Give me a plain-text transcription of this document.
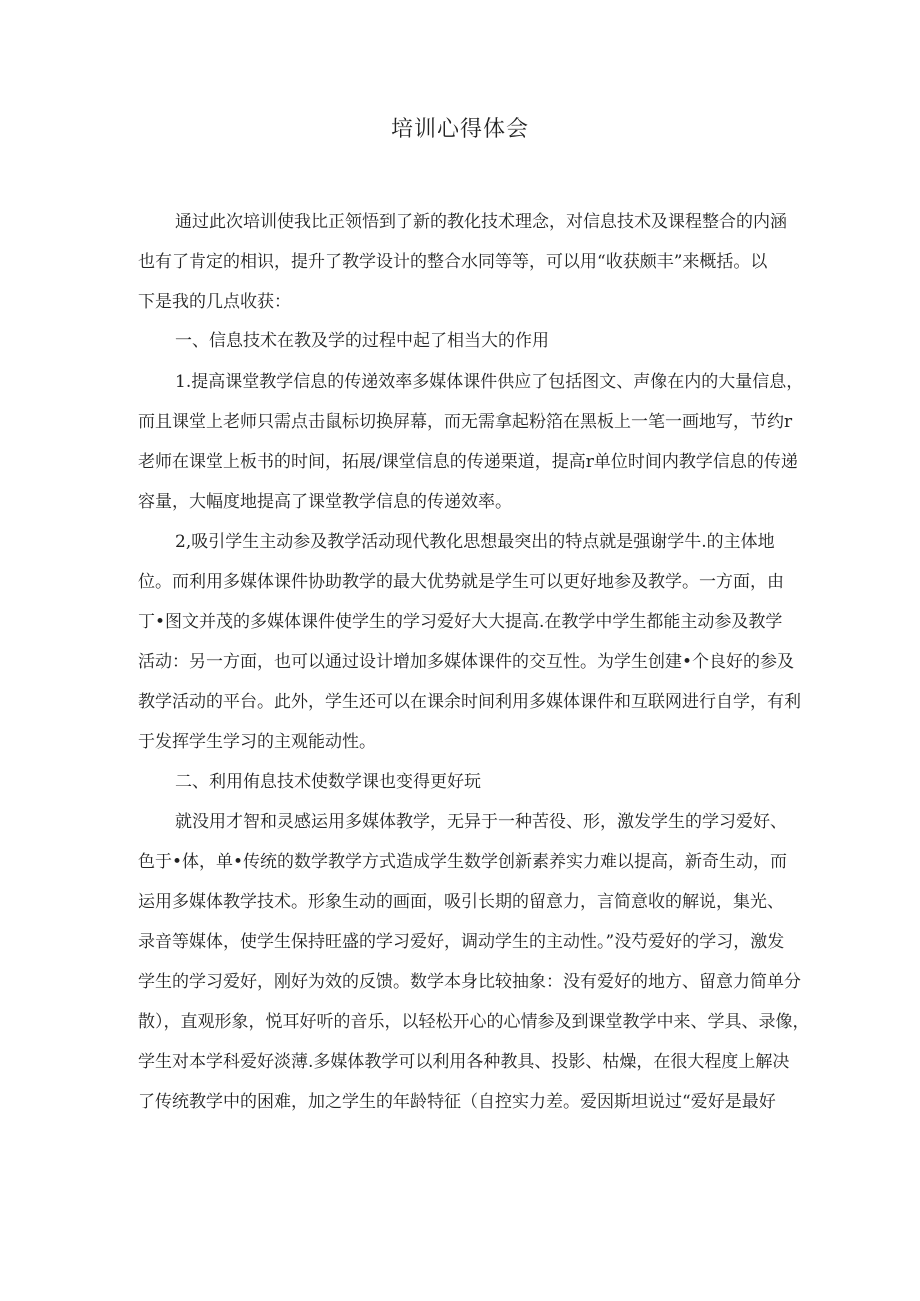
培训心得体会
通过此次培训使我比正领悟到了新的教化技术理念，对信息技术及课程整合的内涵
也有了肯定的相识，提升了教学设计的整合水同等等，可以用“收获颇丰”来概括。以
下是我的几点收获：
一、信息技术在教及学的过程中起了相当大的作用
1.提高课堂教学信息的传递效率多媒体课件供应了包括图文、声像在内的大量信息，
而且课堂上老师只需点击鼠标切换屏幕，而无需拿起粉箔在黑板上一笔一画地写，节约r
老师在课堂上板书的时间，拓展/课堂信息的传递栗道，提高r单位时间内教学信息的传递
容量，大幅度地提高了课堂教学信息的传递效率。
2,吸引学生主动参及教学活动现代教化思想最突出的特点就是强谢学牛.的主体地
位。而利用多媒体课件协助教学的最大优势就是学生可以更好地参及教学。一方面，由
丁•图文并茂的多媒体课件使学生的学习爱好大大提高.在教学中学生都能主动参及教学
活动：另一方面，也可以通过设计增加多媒体课件的交互性。为学生创建•个良好的参及
教学活动的平台。此外，学生还可以在课余时间利用多媒体课件和互联网进行自学，有利
于发挥学生学习的主观能动性。
二、利用侑息技术使数学课也变得更好玩
就没用才智和灵感运用多媒体教学，无异于一种苦役、形，激发学生的学习爱好、
色于•体，单•传统的数学教学方式造成学生数学创新素养实力难以提高，新奇生动，而
运用多媒体教学技术。形象生动的画面，吸引长期的留意力，言简意收的解说，集光、
录音等媒体，使学生保持旺盛的学习爱好，调动学生的主动性。”没芍爱好的学习，激发
学生的学习爱好，刚好为效的反馈。数学本身比较抽象：没有爱好的地方、留意力简单分
散），直观形象，悦耳好听的音乐，以轻松开心的心情参及到课堂教学中来、学具、录像，
学生对本学科爱好淡薄.多媒体教学可以利用各种教具、投影、枯燥，在很大程度上解决
了传统教学中的困难，加之学生的年龄特征（自控实力差。爱因斯坦说过“爱好是最好
